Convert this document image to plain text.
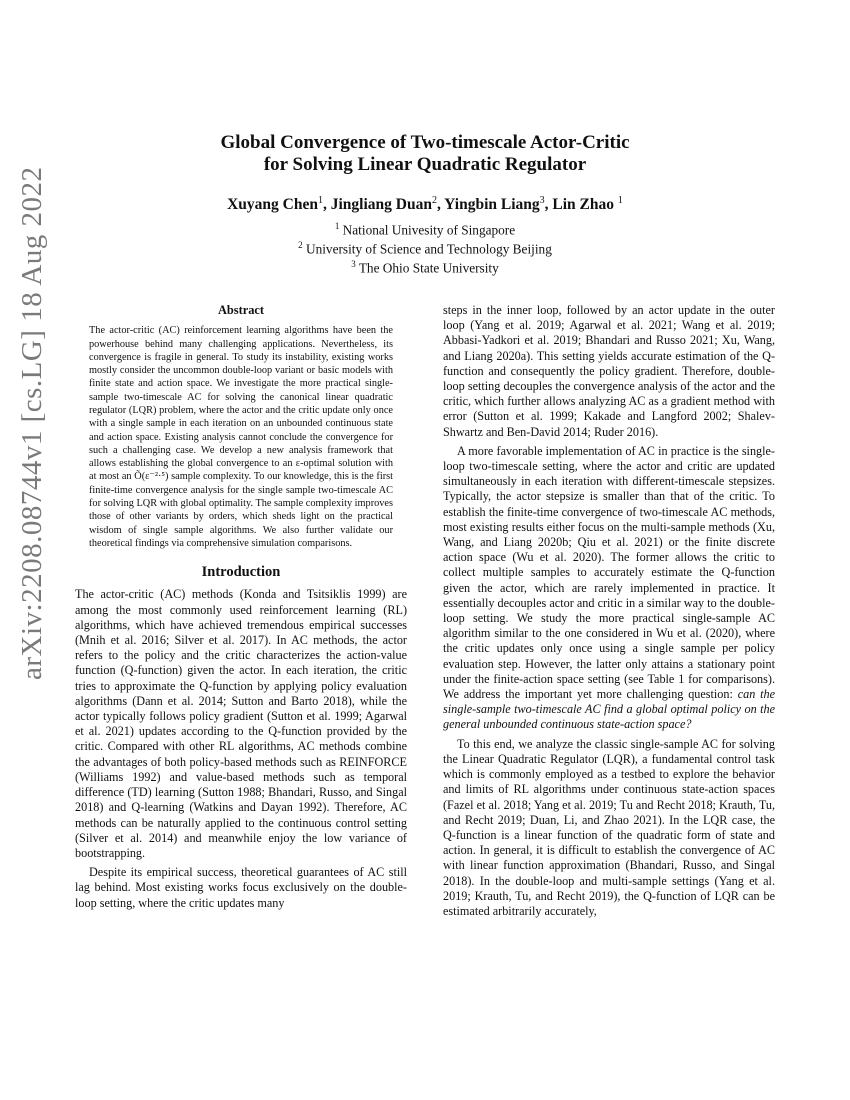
arXiv:2208.08744v1 [cs.LG] 18 Aug 2022
Global Convergence of Two-timescale Actor-Critic
for Solving Linear Quadratic Regulator
Xuyang Chen$^1$, Jingliang Duan$^2$, Yingbin Liang$^3$, Lin Zhao $^1$
$^1$ National Univesity of Singapore
$^2$ University of Science and Technology Beijing
$^3$ The Ohio State University
Abstract

The actor-critic (AC) reinforcement learning algorithms have been the powerhouse behind many challenging applications. Nevertheless, its convergence is fragile in general. To study its instability, existing works mostly consider the uncommon double-loop variant or basic models with finite state and action space. We investigate the more practical single-sample two-timescale AC for solving the canonical linear quadratic regulator (LQR) problem, where the actor and the critic update only once with a single sample in each iteration on an unbounded continuous state and action space. Existing analysis cannot conclude the convergence for such a challenging case. We develop a new analysis framework that allows establishing the global convergence to an ε-optimal solution with at most an Õ(ε⁻²·⁵) sample complexity. To our knowledge, this is the first finite-time convergence analysis for the single sample two-timescale AC for solving LQR with global optimality. The sample complexity improves those of other variants by orders, which sheds light on the practical wisdom of single sample algorithms. We also further validate our theoretical findings via comprehensive simulation comparisons.

Introduction

The actor-critic (AC) methods (Konda and Tsitsiklis 1999) are among the most commonly used reinforcement learning (RL) algorithms, which have achieved tremendous empirical successes (Mnih et al. 2016; Silver et al. 2017). In AC methods, the actor refers to the policy and the critic characterizes the action-value function (Q-function) given the actor. In each iteration, the critic tries to approximate the Q-function by applying policy evaluation algorithms (Dann et al. 2014; Sutton and Barto 2018), while the actor typically follows policy gradient (Sutton et al. 1999; Agarwal et al. 2021) updates according to the Q-function provided by the critic. Compared with other RL algorithms, AC methods combine the advantages of both policy-based methods such as REINFORCE (Williams 1992) and value-based methods such as temporal difference (TD) learning (Sutton 1988; Bhandari, Russo, and Singal 2018) and Q-learning (Watkins and Dayan 1992). Therefore, AC methods can be naturally applied to the continuous control setting (Silver et al. 2014) and meanwhile enjoy the low variance of bootstrapping.

Despite its empirical success, theoretical guarantees of AC still lag behind. Most existing works focus exclusively on the double-loop setting, where the critic updates many

steps in the inner loop, followed by an actor update in the outer loop (Yang et al. 2019; Agarwal et al. 2021; Wang et al. 2019; Abbasi-Yadkori et al. 2019; Bhandari and Russo 2021; Xu, Wang, and Liang 2020a). This setting yields accurate estimation of the Q-function and consequently the policy gradient. Therefore, double-loop setting decouples the convergence analysis of the actor and the critic, which further allows analyzing AC as a gradient method with error (Sutton et al. 1999; Kakade and Langford 2002; Shalev-Shwartz and Ben-David 2014; Ruder 2016).

A more favorable implementation of AC in practice is the single-loop two-timescale setting, where the actor and critic are updated simultaneously in each iteration with different-timescale stepsizes. Typically, the actor stepsize is smaller than that of the critic. To establish the finite-time convergence of two-timescale AC methods, most existing results either focus on the multi-sample methods (Xu, Wang, and Liang 2020b; Qiu et al. 2021) or the finite discrete action space (Wu et al. 2020). The former allows the critic to collect multiple samples to accurately estimate the Q-function given the actor, which are rarely implemented in practice. It essentially decouples actor and critic in a similar way to the double-loop setting. We study the more practical single-sample AC algorithm similar to the one considered in Wu et al. (2020), where the critic updates only once using a single sample per policy evaluation step. However, the latter only attains a stationary point under the finite-action space setting (see Table 1 for comparisons). We address the important yet more challenging question: can the single-sample two-timescale AC find a global optimal policy on the general unbounded continuous state-action space?

To this end, we analyze the classic single-sample AC for solving the Linear Quadratic Regulator (LQR), a fundamental control task which is commonly employed as a testbed to explore the behavior and limits of RL algorithms under continuous state-action spaces (Fazel et al. 2018; Yang et al. 2019; Tu and Recht 2018; Krauth, Tu, and Recht 2019; Duan, Li, and Zhao 2021). In the LQR case, the Q-function is a linear function of the quadratic form of state and action. In general, it is difficult to establish the convergence of AC with linear function approximation (Bhandari, Russo, and Singal 2018). In the double-loop and multi-sample settings (Yang et al. 2019; Krauth, Tu, and Recht 2019), the Q-function of LQR can be estimated arbitrarily accurately,
